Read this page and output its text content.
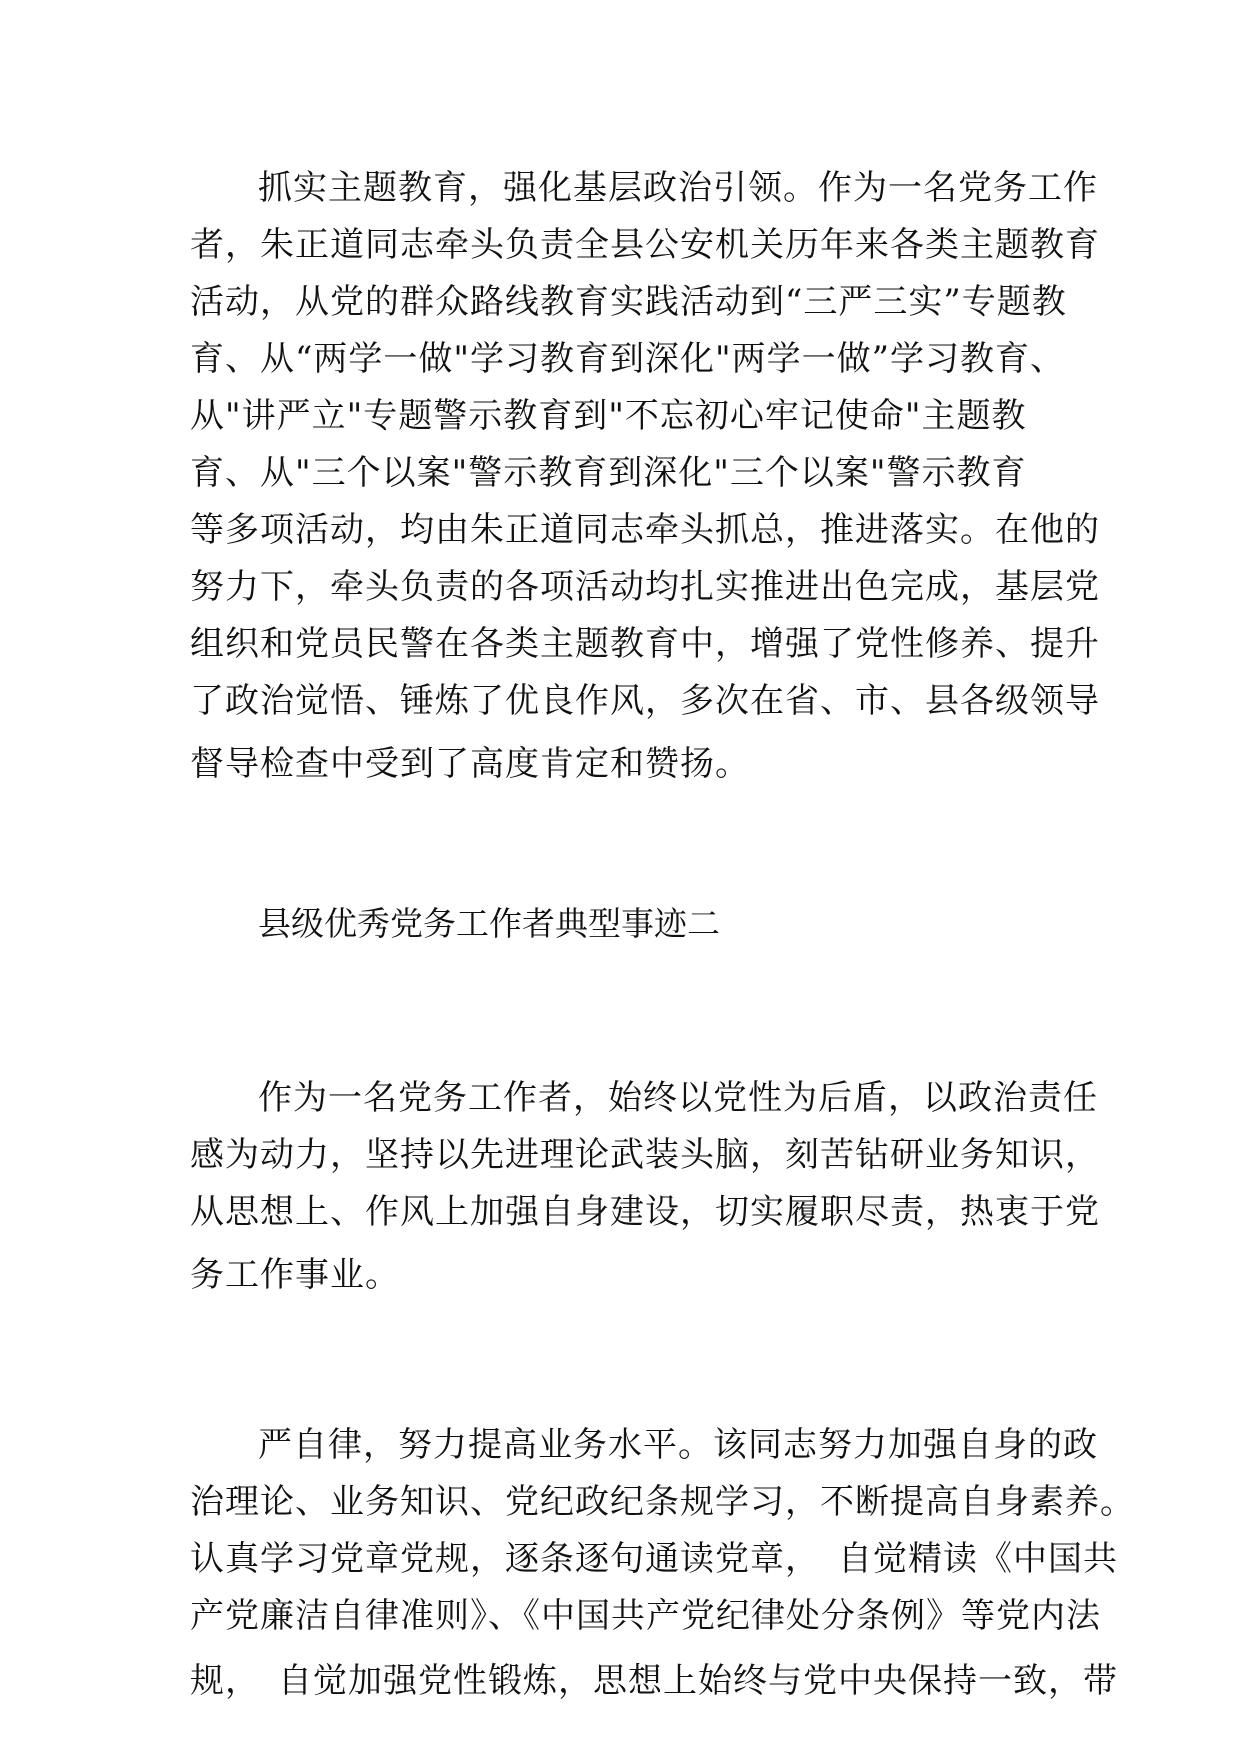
抓实主题教育，强化基层政治引领。作为一名党务工作
者，朱正道同志牵头负责全县公安机关历年来各类主题教育
活动，从党的群众路线教育实践活动到“三严三实”专题教
育、从“两学一做"学习教育到深化"两学一做”学习教育、
从"讲严立"专题警示教育到"不忘初心牢记使命"主题教
育、从"三个以案"警示教育到深化"三个以案"警示教育
等多项活动，均由朱正道同志牵头抓总，推进落实。在他的
努力下，牵头负责的各项活动均扎实推进出色完成，基层党
组织和党员民警在各类主题教育中，增强了党性修养、提升
了政治觉悟、锤炼了优良作风，多次在省、市、县各级领导
督导检查中受到了高度肯定和赞扬。
县级优秀党务工作者典型事迹二
作为一名党务工作者，始终以党性为后盾，以政治责任
感为动力，坚持以先进理论武装头脑，刻苦钻研业务知识，
从思想上、作风上加强自身建设，切实履职尽责，热衷于党
务工作事业。
严自律，努力提高业务水平。该同志努力加强自身的政
治理论、业务知识、党纪政纪条规学习，不断提高自身素养。
认真学习党章党规，逐条逐句通读党章，　自觉精读《中国共
产党廉洁自律准则》、《中国共产党纪律处分条例》等党内法
规，　自觉加强党性锻炼，思想上始终与党中央保持一致，带
